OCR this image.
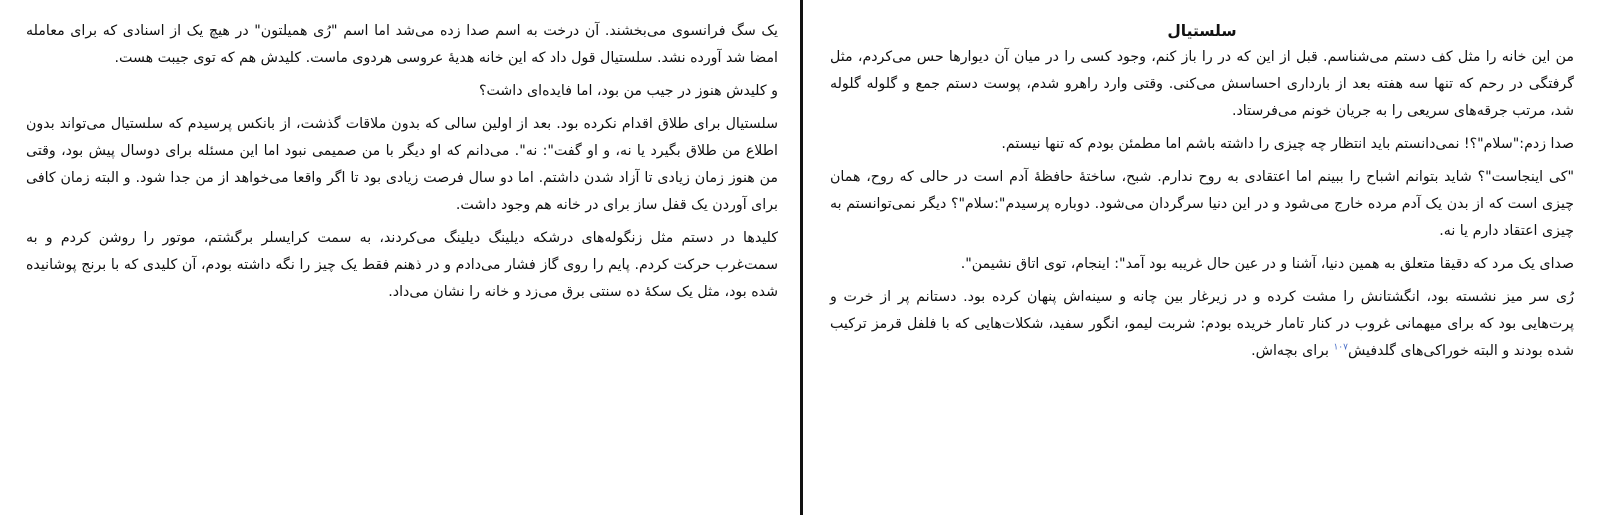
یک سگ فرانسوی می‌بخشند. آن درخت به اسم صدا زده می‌شد اما اسم "رُی همیلتون" در هیچ یک از اسنادی که برای معامله امضا شد آورده نشد. سلستیال قول داد که این خانه هدیهٔ عروسی هردوی ماست. کلیدش هم که توی جیبت هست.

و کلیدش هنوز در جیب من بود، اما فایده‌ای داشت؟

سلستیال برای طلاق اقدام نکرده بود. بعد از اولین سالی که بدون ملاقات گذشت، از بانکس پرسیدم که سلستیال می‌تواند بدون اطلاع من طلاق بگیرد یا نه، و او گفت": نه". می‌دانم که او دیگر با من صمیمی نبود اما این مسئله برای دوسال پیش بود، وقتی من هنوز زمان زیادی تا آزاد شدن داشتم. اما دو سال فرصت زیادی بود تا اگر واقعا می‌خواهد از من جدا شود. و البته زمان کافی برای آوردن یک قفل ساز برای در خانه هم وجود داشت.

کلیدها در دستم مثل زنگوله‌های درشکه دیلینگ دیلینگ می‌کردند، به سمت کرایسلر برگشتم، موتور را روشن کردم و به سمت‌غرب حرکت کردم. پایم را روی گاز فشار می‌دادم و در ذهنم فقط یک چیز را نگه داشته بودم، آن کلیدی که با برنج پوشانیده شده بود، مثل یک سکهٔ ده سنتی برق می‌زد و خانه را نشان می‌داد.

سلستیال

من این خانه را مثل کف دستم می‌شناسم. قبل از این که در را باز کنم، وجود کسی را در میان آن دیوارها حس می‌کردم، مثل گرفتگی در رحم که تنها سه هفته بعد از بارداری احساسش می‌کنی. وقتی وارد راهرو شدم، پوست دستم جمع و گلوله گلوله شد، مرتب جرقه‌های سریعی را به جریان خونم می‌فرستاد.

صدا زدم:"سلام"؟! نمی‌دانستم باید انتظار چه چیزی را داشته باشم اما مطمئن بودم که تنها نیستم.

"کی اینجاست"؟ شاید بتوانم اشباح را ببینم اما اعتقادی به روح ندارم. شبح، ساختهٔ حافظهٔ آدم است در حالی که روح، همان چیزی است که از بدن یک آدم مرده خارج می‌شود و در این دنیا سرگردان می‌شود. دوباره پرسیدم":سلام"؟ دیگر نمی‌توانستم به چیزی اعتقاد دارم یا نه.

صدای یک مرد که دقیقا متعلق به همین دنیا، آشنا و در عین حال غریبه بود آمد": اینجام، توی اتاق نشیمن".

رُی سر میز نشسته بود، انگشتانش را مشت کرده و در زیرغار بین چانه و سینه‌اش پنهان کرده بود. دستانم پر از خرت و پرت‌هایی بود که برای میهمانی غروب در کنار تامار خریده بودم: شربت لیمو، انگور سفید، شکلات‌هایی که با فلفل قرمز ترکیب شده بودند و البته خوراکی‌های گلدفیش$^{۱۰۷}$ برای بچه‌اش.
